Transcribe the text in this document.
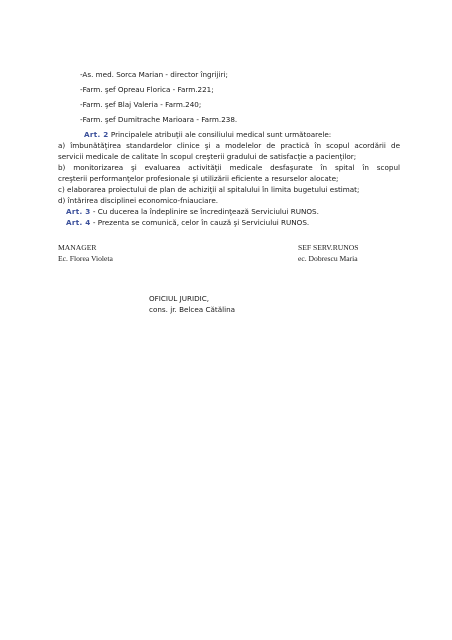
-As. med. Sorca Marian - director îngrijiri;
-Farm. şef Opreau Florica - Farm.221;
-Farm. şef Blaj Valeria - Farm.240;
-Farm. şef Dumitrache Marioara - Farm.238.
Art. 2 Principalele atribuţii ale consiliului medical sunt următoarele:
a) îmbunătăţirea standardelor clinice şi a modelelor de practică în scopul acordării de
servicii medicale de calitate în scopul creşterii gradului de satisfacţie a pacienţilor;
b) monitorizarea şi evaluarea activităţii medicale desfaşurate în spital în scopul
creşterii performanţelor profesionale şi utilizării eficiente a resurselor alocate;
c) elaborarea proiectului de plan de achiziţii al spitalului în limita bugetului estimat;
d) întărirea disciplinei economico-fniauciare.
Art. 3 - Cu ducerea la îndeplinire se încredinţează Serviciului RUNOS.
Art. 4 - Prezenta se comunică, celor în cauză şi Serviciului RUNOS.
MANAGER
Ec. Florea Violeta
SEF SERV.RUNOS
ec. Dobrescu Maria
OFICIUL JURIDIC,
cons. jr. Belcea Cătălina
